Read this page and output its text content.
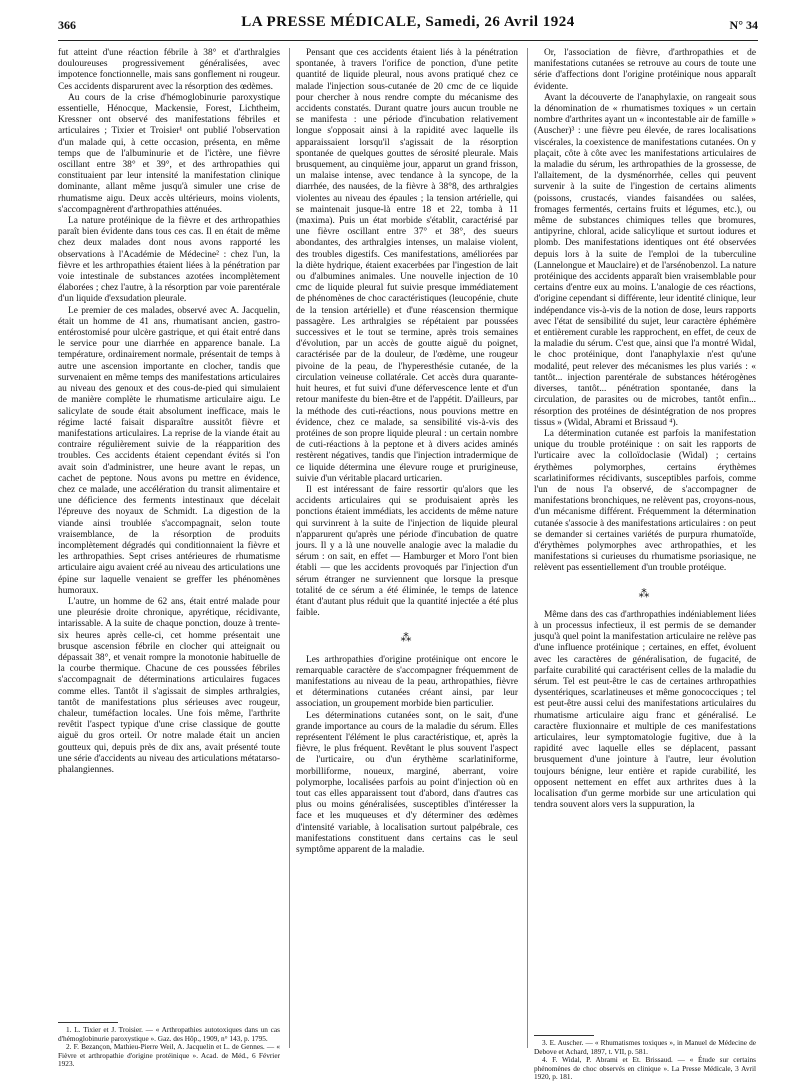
366	LA PRESSE MÉDICALE, Samedi, 26 Avril 1924	N° 34

fut atteint d'une réaction fébrile à 38° et d'arthralgies douloureuses progressivement généralisées, avec impotence fonctionnelle, mais sans gonflement ni rougeur. Ces accidents disparurent avec la résorption des œdèmes.

Au cours de la crise d'hémoglobinurie paroxystique essentielle, Hénocque, Mackensie, Forest, Lichtheim, Kressner ont observé des manifestations fébriles et articulaires ; Tixier et Troisier¹ ont publié l'observation d'un malade qui, à cette occasion, présenta, en même temps que de l'albuminurie et de l'ictère, une fièvre oscillant entre 38° et 39°, et des arthropathies qui constituaient par leur intensité la manifestation clinique dominante, allant même jusqu'à simuler une crise de rhumatisme aigu. Deux accès ultérieurs, moins violents, s'accompagnèrent d'arthropathies atténuées.

La nature protéinique de la fièvre et des arthropathies paraît bien évidente dans tous ces cas. Il en était de même chez deux malades dont nous avons rapporté les observations à l'Académie de Médecine² : chez l'un, la fièvre et les arthropathies étaient liées à la pénétration par voie intestinale de substances azotées incomplètement élaborées ; chez l'autre, à la résorption par voie parentérale d'un liquide d'exsudation pleurale.

Le premier de ces malades, observé avec A. Jacquelin, était un homme de 41 ans, rhumatisant ancien, gastro-entérostomisé pour ulcère gastrique, et qui était entré dans le service pour une diarrhée en apparence banale. La température, ordinairement normale, présentait de temps à autre une ascension importante en clocher, tandis que survenaient en même temps des manifestations articulaires au niveau des genoux et des cous-de-pied qui simulaient de manière complète le rhumatisme articulaire aigu. Le salicylate de soude était absolument inefficace, mais le régime lacté faisait disparaître aussitôt fièvre et manifestations articulaires. La reprise de la viande était au contraire régulièrement suivie de la réapparition des troubles. Ces accidents étaient cependant évités si l'on avait soin d'administrer, une heure avant le repas, un cachet de peptone. Nous avons pu mettre en évidence, chez ce malade, une accélération du transit alimentaire et une déficience des ferments intestinaux que décelait l'épreuve des noyaux de Schmidt. La digestion de la viande ainsi troublée s'accompagnait, selon toute vraisemblance, de la résorption de produits incomplètement dégradés qui conditionnaient la fièvre et les arthropathies. Sept crises antérieures de rhumatisme articulaire aigu avaient créé au niveau des articulations une épine sur laquelle venaient se greffer les phénomènes humoraux.

L'autre, un homme de 62 ans, était entré malade pour une pleurésie droite chronique, apyrétique, récidivante, intarissable. A la suite de chaque ponction, douze à trente-six heures après celle-ci, cet homme présentait une brusque ascension fébrile en clocher qui atteignait ou dépassait 38°, et venait rompre la monotonie habituelle de la courbe thermique. Chacune de ces poussées fébriles s'accompagnait de déterminations articulaires fugaces comme elles. Tantôt il s'agissait de simples arthralgies, tantôt de manifestations plus sérieuses avec rougeur, chaleur, tuméfaction locales. Une fois même, l'arthrite revêtit l'aspect typique d'une crise classique de goutte aiguë du gros orteil. Or notre malade était un ancien goutteux qui, depuis près de dix ans, avait présenté toute une série d'accidents au niveau des articulations métatarso-phalangiennes.

Pensant que ces accidents étaient liés à la pénétration spontanée, à travers l'orifice de ponction, d'une petite quantité de liquide pleural, nous avons pratiqué chez ce malade l'injection sous-cutanée de 20 cmc de ce liquide pour chercher à nous rendre compte du mécanisme des accidents constatés. Durant quatre jours aucun trouble ne se manifesta : une période d'incubation relativement longue s'opposait ainsi à la rapidité avec laquelle ils apparaissaient lorsqu'il s'agissait de la résorption spontanée de quelques gouttes de sérosité pleurale. Mais brusquement, au cinquième jour, apparut un grand frisson, un malaise intense, avec tendance à la syncope, de la diarrhée, des nausées, de la fièvre à 38°8, des arthralgies violentes au niveau des épaules ; la tension artérielle, qui se maintenait jusque-là entre 18 et 22, tomba à 11 (maxima). Puis un état morbide s'établit, caractérisé par une fièvre oscillant entre 37° et 38°, des sueurs abondantes, des arthralgies intenses, un malaise violent, des troubles digestifs. Ces manifestations, améliorées par la diète hydrique, étaient exacerbées par l'ingestion de lait ou d'albumines animales. Une nouvelle injection de 10 cmc de liquide pleural fut suivie presque immédiatement de phénomènes de choc caractéristiques (leucopénie, chute de la tension artérielle) et d'une réascension thermique passagère. Les arthralgies se répétaient par poussées successives et le tout se termine, après trois semaines d'évolution, par un accès de goutte aiguë du poignet, caractérisée par de la douleur, de l'œdème, une rougeur pivoine de la peau, de l'hyperesthésie cutanée, de la circulation veineuse collatérale. Cet accès dura quarante-huit heures, et fut suivi d'une défervescence lente et d'un retour manifeste du bien-être et de l'appétit. D'ailleurs, par la méthode des cuti-réactions, nous pouvions mettre en évidence, chez ce malade, sa sensibilité vis-à-vis des protéines de son propre liquide pleural : un certain nombre de cuti-réactions à la peptone et à divers acides aminés restèrent négatives, tandis que l'injection intradermique de ce liquide détermina une élevure rouge et prurigineuse, suivie d'un véritable placard urticarien.

Il est intéressant de faire ressortir qu'alors que les accidents articulaires qui se produisaient après les ponctions étaient immédiats, les accidents de même nature qui survinrent à la suite de l'injection de liquide pleural n'apparurent qu'après une période d'incubation de quatre jours. Il y a là une nouvelle analogie avec la maladie du sérum : on sait, en effet — Hamburger et Moro l'ont bien établi — que les accidents provoqués par l'injection d'un sérum étranger ne surviennent que lorsque la presque totalité de ce sérum a été éliminée, le temps de latence étant d'autant plus réduit que la quantité injectée a été plus faible.

⁂

Les arthropathies d'origine protéinique ont encore le remarquable caractère de s'accompagner fréquemment de manifestations au niveau de la peau, arthropathies, fièvre et déterminations cutanées créant ainsi, par leur association, un groupement morbide bien particulier.

Les déterminations cutanées sont, on le sait, d'une grande importance au cours de la maladie du sérum. Elles représentent l'élément le plus caractéristique, et, après la fièvre, le plus fréquent. Revêtant le plus souvent l'aspect de l'urticaire, ou d'un érythème scarlatiniforme, morbilliforme, noueux, marginé, aberrant, voire polymorphe, localisées parfois au point d'injection où en tout cas elles apparaissent tout d'abord, dans d'autres cas plus ou moins généralisées, susceptibles d'intéresser la face et les muqueuses et d'y déterminer des œdèmes d'intensité variable, à localisation surtout palpébrale, ces manifestations constituent dans certains cas le seul symptôme apparent de la maladie.

Or, l'association de fièvre, d'arthropathies et de manifestations cutanées se retrouve au cours de toute une série d'affections dont l'origine protéinique nous apparaît évidente.

Avant la découverte de l'anaphylaxie, on rangeait sous la dénomination de « rhumatismes toxiques » un certain nombre d'arthrites ayant un « incontestable air de famille » (Auscher)³ : une fièvre peu élevée, de rares localisations viscérales, la coexistence de manifestations cutanées. On y plaçait, côte à côte avec les manifestations articulaires de la maladie du sérum, les arthropathies de la grossesse, de l'allaitement, de la dysménorrhée, celles qui peuvent survenir à la suite de l'ingestion de certains aliments (poissons, crustacés, viandes faisandées ou salées, fromages fermentés, certains fruits et légumes, etc.), ou même de substances chimiques telles que bromures, antipyrine, chloral, acide salicylique et surtout iodures et plomb. Des manifestations identiques ont été observées depuis lors à la suite de l'emploi de la tuberculine (Lannelongue et Mauclaire) et de l'arsénobenzol. La nature protéinique des accidents apparaît bien vraisemblable pour certains d'entre eux au moins. L'analogie de ces réactions, d'origine cependant si différente, leur identité clinique, leur indépendance vis-à-vis de la notion de dose, leurs rapports avec l'état de sensibilité du sujet, leur caractère éphémère et entièrement curable les rapprochent, en effet, de ceux de la maladie du sérum. C'est que, ainsi que l'a montré Widal, le choc protéinique, dont l'anaphylaxie n'est qu'une modalité, peut relever des mécanismes les plus variés : « tantôt... injection parentérale de substances hétérogènes diverses, tantôt... pénétration spontanée, dans la circulation, de parasites ou de microbes, tantôt enfin... résorption des protéines de désintégration de nos propres tissus » (Widal, Abrami et Brissaud ⁴).

La détermination cutanée est parfois la manifestation unique du trouble protéinique : on sait les rapports de l'urticaire avec la colloïdoclasie (Widal) ; certains érythèmes polymorphes, certains érythèmes scarlatiniformes récidivants, susceptibles parfois, comme l'un de nous l'a observé, de s'accompagner de manifestations bronchiques, ne relèvent pas, croyons-nous, d'un mécanisme différent. Fréquemment la détermination cutanée s'associe à des manifestations articulaires : on peut se demander si certaines variétés de purpura rhumatoïde, d'érythèmes polymorphes avec arthropathies, et les manifestations si curieuses du rhumatisme psoriasique, ne relèvent pas essentiellement d'un trouble protéique.

⁂

Même dans des cas d'arthropathies indéniablement liées à un processus infectieux, il est permis de se demander jusqu'à quel point la manifestation articulaire ne relève pas d'une influence protéinique ; certaines, en effet, évoluent avec les caractères de généralisation, de fugacité, de parfaite curabilité qui caractérisent celles de la maladie du sérum. Tel est peut-être le cas de certaines arthropathies dysentériques, scarlatineuses et même gonococciques ; tel est peut-être aussi celui des manifestations articulaires du rhumatisme articulaire aigu franc et généralisé. Le caractère fluxionnaire et multiple de ces manifestations articulaires, leur symptomatologie fugitive, due à la rapidité avec laquelle elles se déplacent, passant brusquement d'une jointure à l'autre, leur évolution toujours bénigne, leur entière et rapide curabilité, les opposent nettement en effet aux arthrites dues à la localisation d'un germe morbide sur une articulation qui tendra souvent alors vers la suppuration, la

1. L. Tixier et J. Troisier. — « Arthropathies autotoxiques dans un cas d'hémoglobinurie paroxystique ». Gaz. des Hôp., 1909, n° 143, p. 1795.

2. F. Bezançon, Mathieu-Pierre Weil, A. Jacquelin et L. de Gennes. — « Fièvre et arthropathie d'origine protéinique ». Acad. de Méd., 6 Février 1923.

3. E. Auscher. — « Rhumatismes toxiques », in Manuel de Médecine de Debove et Achard, 1897, t. VII, p. 581.

4. F. Widal, P. Abrami et Et. Brissaud. — « Étude sur certains phénomènes de choc observés en clinique ». La Presse Médicale, 3 Avril 1920, p. 181.
